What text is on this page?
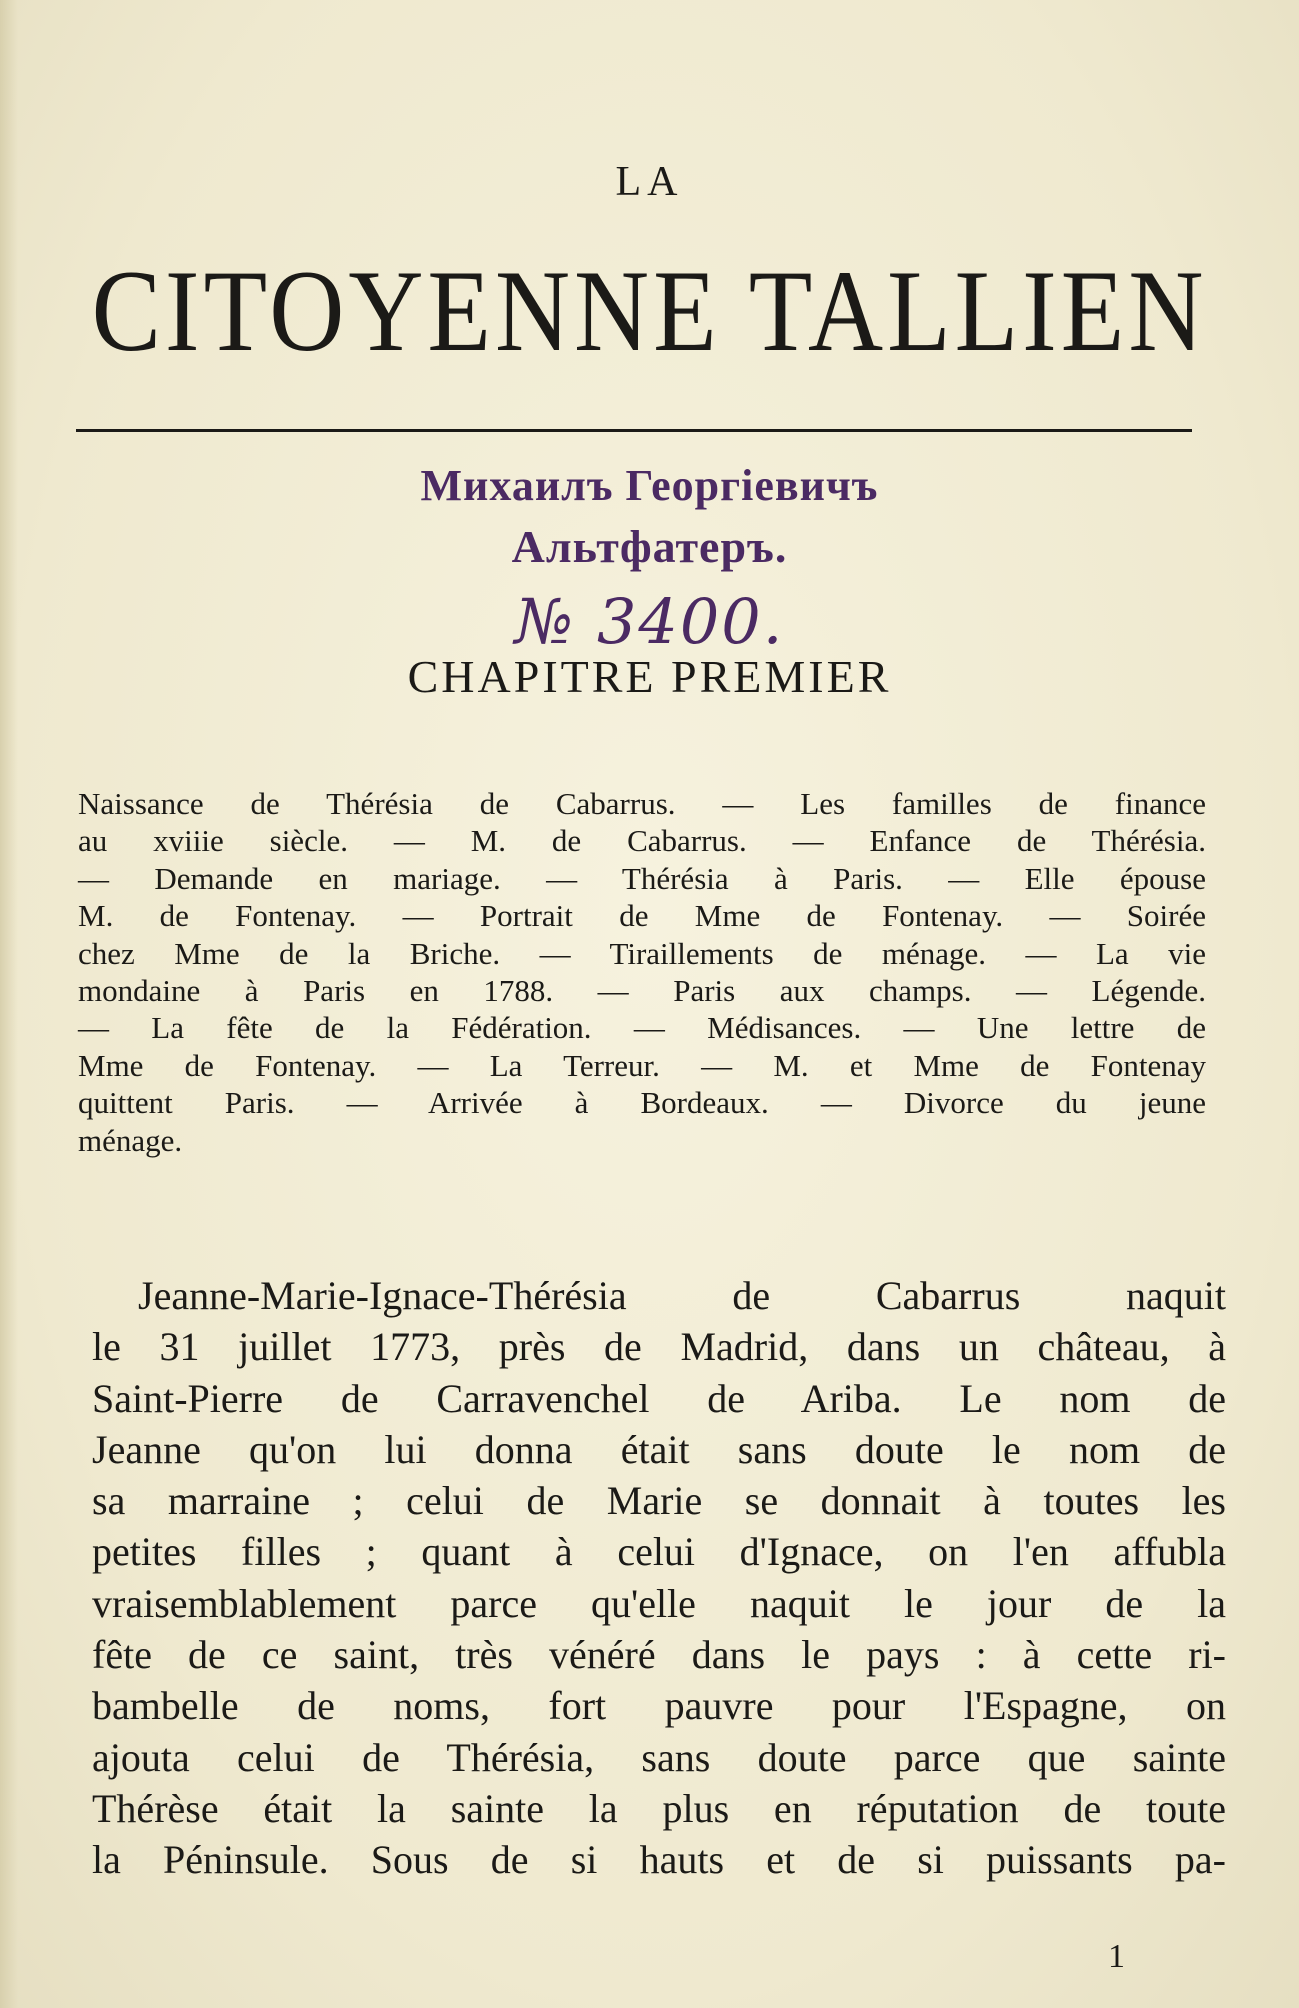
LA
CITOYENNE TALLIEN
Михаилъ Георгiевичъ
Альтфатеръ.
№ 3400.
CHAPITRE PREMIER
Naissance de Thérésia de Cabarrus. — Les familles de finance
au xviiie siècle. — M. de Cabarrus. — Enfance de Thérésia.
— Demande en mariage. — Thérésia à Paris. — Elle épouse
M. de Fontenay. — Portrait de Mme de Fontenay. — Soirée
chez Mme de la Briche. — Tiraillements de ménage. — La vie
mondaine à Paris en 1788. — Paris aux champs. — Légende.
— La fête de la Fédération. — Médisances. — Une lettre de
Mme de Fontenay. — La Terreur. — M. et Mme de Fontenay
quittent Paris. — Arrivée à Bordeaux. — Divorce du jeune
ménage.
Jeanne-Marie-Ignace-Thérésia de Cabarrus naquit
le 31 juillet 1773, près de Madrid, dans un château, à
Saint-Pierre de Carravenchel de Ariba. Le nom de
Jeanne qu'on lui donna était sans doute le nom de
sa marraine ; celui de Marie se donnait à toutes les
petites filles ; quant à celui d'Ignace, on l'en affubla
vraisemblablement parce qu'elle naquit le jour de la
fête de ce saint, très vénéré dans le pays : à cette ri-
bambelle de noms, fort pauvre pour l'Espagne, on
ajouta celui de Thérésia, sans doute parce que sainte
Thérèse était la sainte la plus en réputation de toute
la Péninsule. Sous de si hauts et de si puissants pa-
1
